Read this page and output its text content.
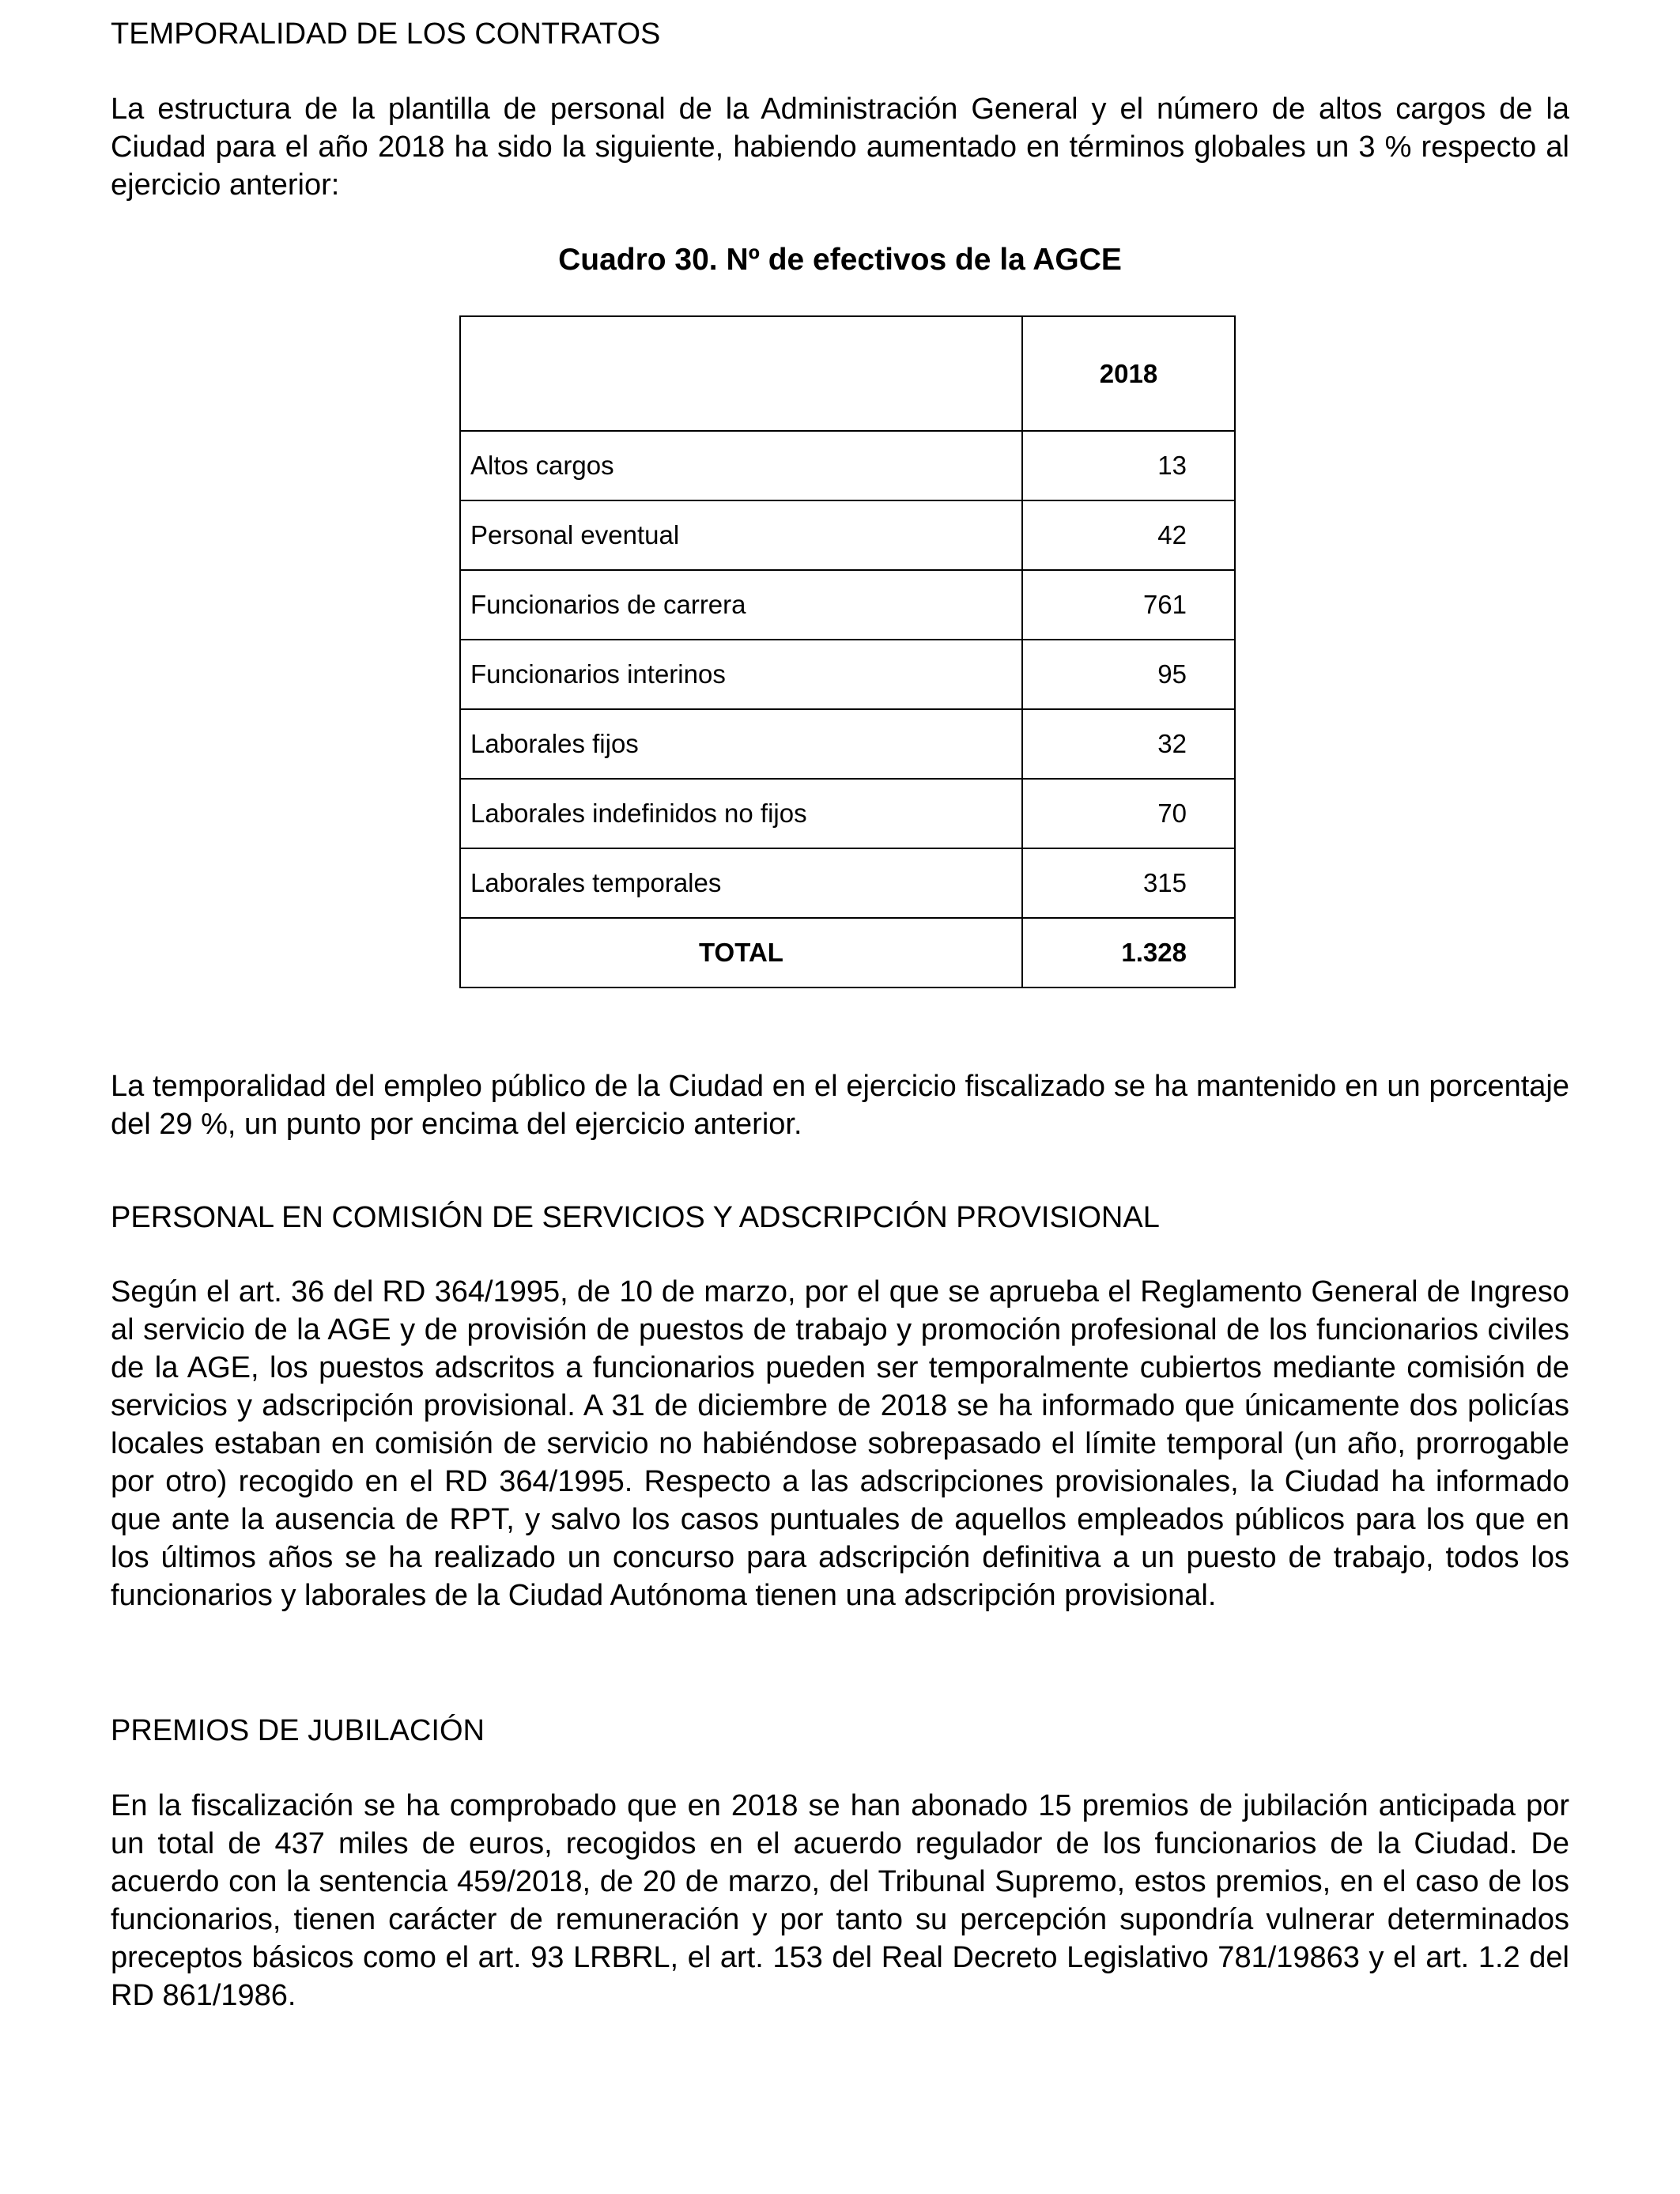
TEMPORALIDAD DE LOS CONTRATOS

La estructura de la plantilla de personal de la Administración General y el número de altos cargos de la Ciudad para el año 2018 ha sido la siguiente, habiendo aumentado en términos globales un 3 % respecto al ejercicio anterior:

Cuadro 30. Nº de efectivos de la AGCE

	2018
Altos cargos	13
Personal eventual	42
Funcionarios de carrera	761
Funcionarios interinos	95
Laborales fijos	32
Laborales indefinidos no fijos	70
Laborales temporales	315
TOTAL	1.328

La temporalidad del empleo público de la Ciudad en el ejercicio fiscalizado se ha mantenido en un porcentaje del 29 %, un punto por encima del ejercicio anterior.

PERSONAL EN COMISIÓN DE SERVICIOS Y ADSCRIPCIÓN PROVISIONAL

Según el art. 36 del RD 364/1995, de 10 de marzo, por el que se aprueba el Reglamento General de Ingreso al servicio de la AGE y de provisión de puestos de trabajo y promoción profesional de los funcionarios civiles de la AGE, los puestos adscritos a funcionarios pueden ser temporalmente cubiertos mediante comisión de servicios y adscripción provisional. A 31 de diciembre de 2018 se ha informado que únicamente dos policías locales estaban en comisión de servicio no habiéndose sobrepasado el límite temporal (un año, prorrogable por otro) recogido en el RD 364/1995. Respecto a las adscripciones provisionales, la Ciudad ha informado que ante la ausencia de RPT, y salvo los casos puntuales de aquellos empleados públicos para los que en los últimos años se ha realizado un concurso para adscripción definitiva a un puesto de trabajo, todos los funcionarios y laborales de la Ciudad Autónoma tienen una adscripción provisional.

PREMIOS DE JUBILACIÓN

En la fiscalización se ha comprobado que en 2018 se han abonado 15 premios de jubilación anticipada por un total de 437 miles de euros, recogidos en el acuerdo regulador de los funcionarios de la Ciudad. De acuerdo con la sentencia 459/2018, de 20 de marzo, del Tribunal Supremo, estos premios, en el caso de los funcionarios, tienen carácter de remuneración y por tanto su percepción supondría vulnerar determinados preceptos básicos como el art. 93 LRBRL, el art. 153 del Real Decreto Legislativo 781/19863 y el art. 1.2 del RD 861/1986.
